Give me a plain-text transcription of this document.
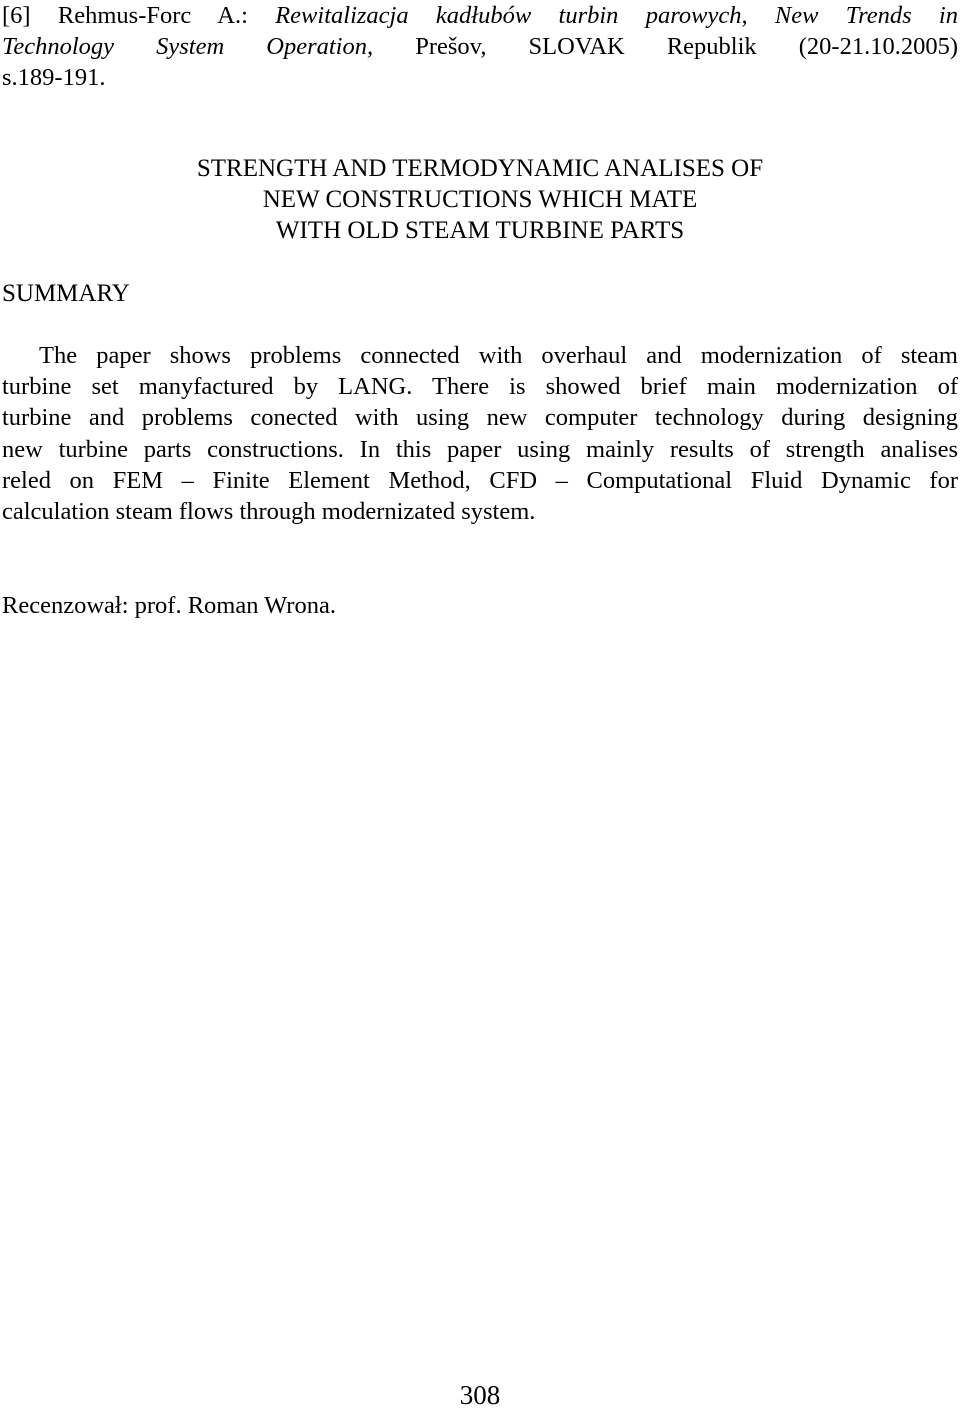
[6] Rehmus-Forc A.: Rewitalizacja kadłubów turbin parowych, New Trends in
Technology System Operation, Prešov, SLOVAK Republik (20-21.10.2005)
s.189-191.
STRENGTH AND TERMODYNAMIC ANALISES OF
NEW CONSTRUCTIONS WHICH MATE
WITH OLD STEAM TURBINE PARTS
SUMMARY
The paper shows problems connected with overhaul and modernization of steam
turbine set manyfactured by LANG. There is showed brief main modernization of
turbine and problems conected with using new computer technology during designing
new turbine parts constructions. In this paper using mainly results of strength analises
reled on FEM – Finite Element Method, CFD – Computational Fluid Dynamic for
calculation steam flows through modernizated system.
Recenzował: prof. Roman Wrona.
308
